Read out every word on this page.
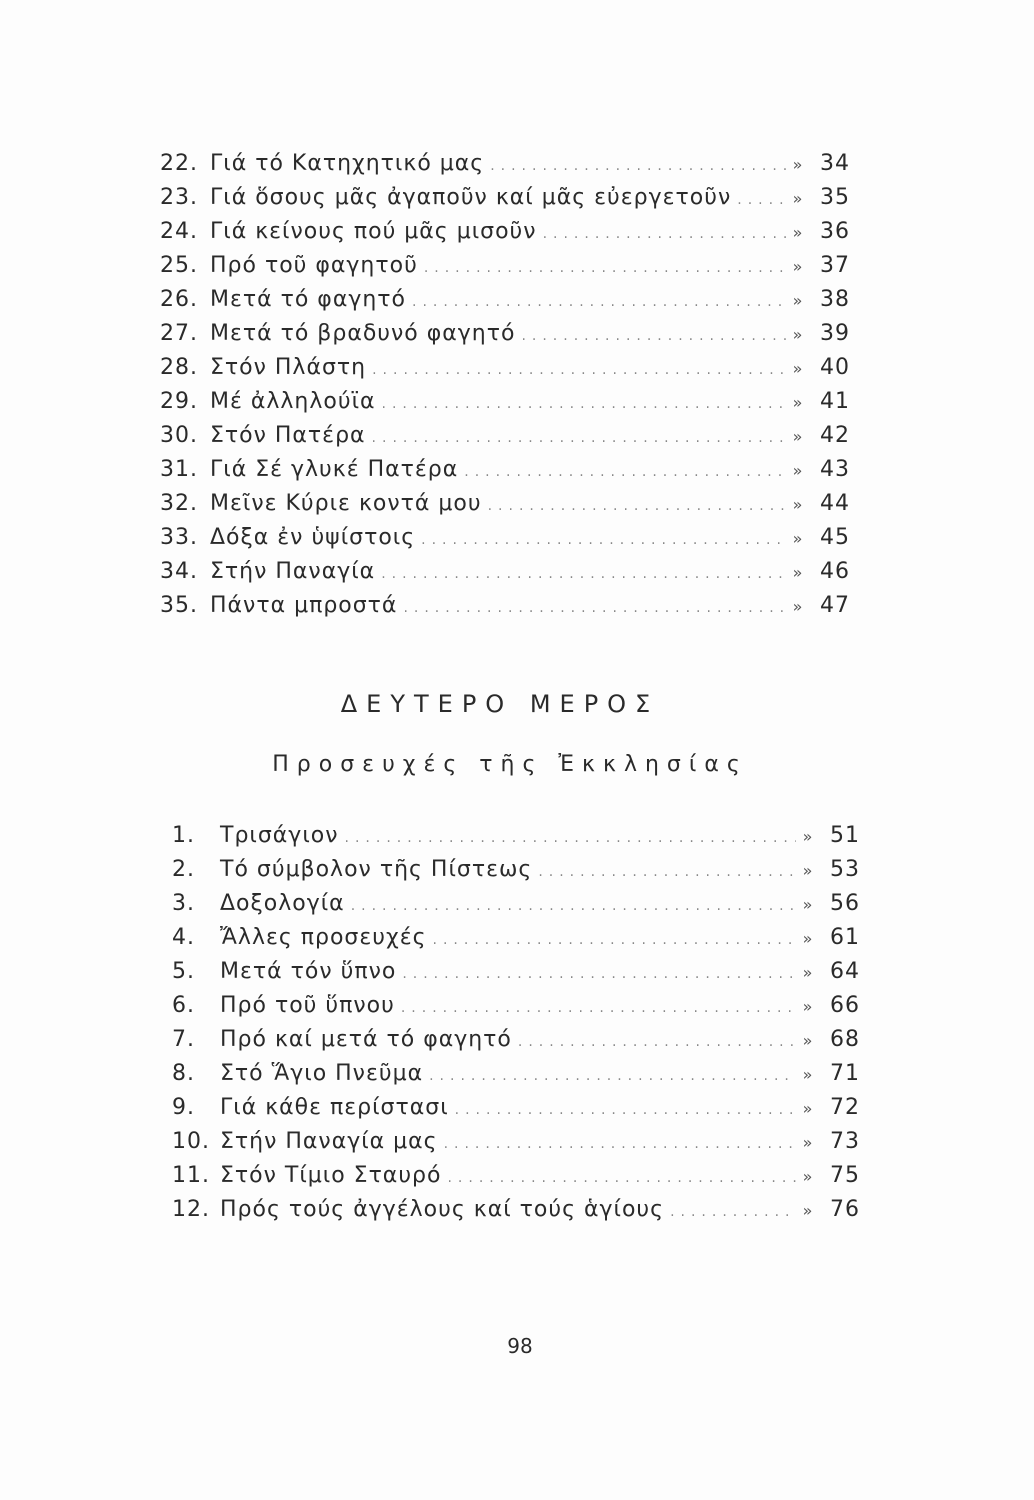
22. Γιά τό Κατηχητικό μας .....	» 34
23. Γιά ὅσους μᾶς ἀγαποῦν καί μᾶς εὐεργετοῦν .....	» 35
24. Γιά κείνους πού μᾶς μισοῦν .....	» 36
25. Πρό τοῦ φαγητοῦ .....	» 37
26. Μετά τό φαγητό .....	» 38
27. Μετά τό βραδυνό φαγητό .....	» 39
28. Στόν Πλάστη .....	» 40
29. Μέ ἀλληλούϊα .....	» 41
30. Στόν Πατέρα .....	» 42
31. Γιά Σέ γλυκέ Πατέρα .....	» 43
32. Μεῖνε Κύριε κοντά μου .....	» 44
33. Δόξα ἐν ὑψίστοις .....	» 45
34. Στήν Παναγία .....	» 46
35. Πάντα μπροστά .....	» 47
ΔΕΥΤΕΡΟ ΜΕΡΟΣ
Προσευχές τῆς Ἐκκλησίας
1.	Τρισάγιον .....	» 51
2.	Τό σύμβολον τῆς Πίστεως .....	» 53
3.	Δοξολογία .....	» 56
4.	Ἄλλες προσευχές .....	» 61
5.	Μετά τόν ὕπνο .....	» 64
6.	Πρό τοῦ ὕπνου .....	» 66
7.	Πρό καί μετά τό φαγητό .....	» 68
8.	Στό Ἅγιο Πνεῦμα .....	» 71
9.	Γιά κάθε περίστασι .....	» 72
10. Στήν Παναγία μας .....	» 73
11. Στόν Τίμιο Σταυρό .....	» 75
12. Πρός τούς ἀγγέλους καί τούς ἁγίους .....	» 76
98
